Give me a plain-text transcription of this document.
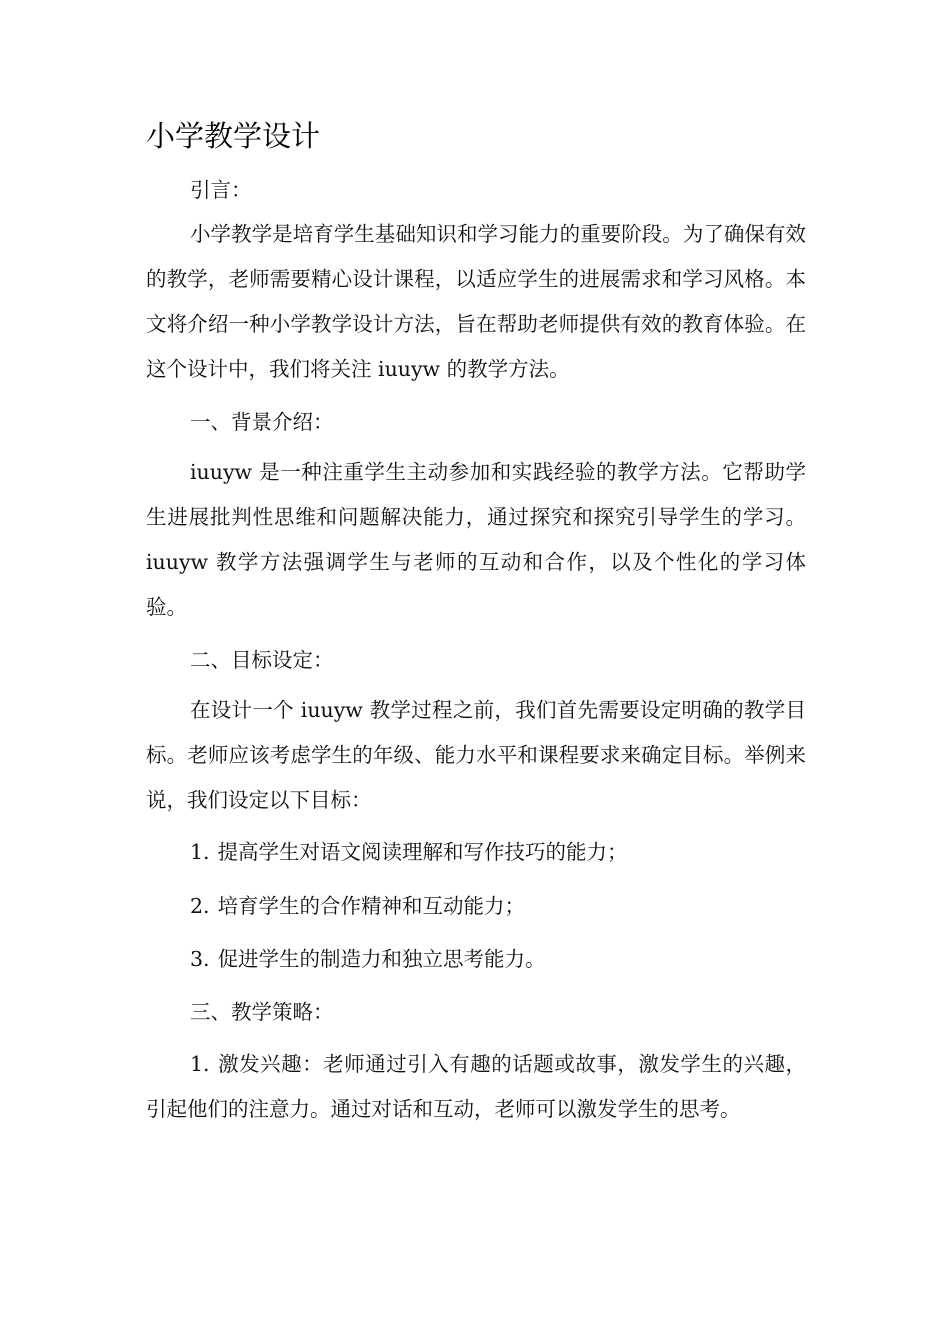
小学教学设计

引言：

小学教学是培育学生基础知识和学习能力的重要阶段。为了确保有效的教学，老师需要精心设计课程，以适应学生的进展需求和学习风格。本文将介绍一种小学教学设计方法，旨在帮助老师提供有效的教育体验。在这个设计中，我们将关注 iuuyw 的教学方法。

一、背景介绍：

iuuyw 是一种注重学生主动参加和实践经验的教学方法。它帮助学生进展批判性思维和问题解决能力，通过探究和探究引导学生的学习。iuuyw 教学方法强调学生与老师的互动和合作，以及个性化的学习体验。

二、目标设定：

在设计一个 iuuyw 教学过程之前，我们首先需要设定明确的教学目标。老师应该考虑学生的年级、能力水平和课程要求来确定目标。举例来说，我们设定以下目标：

1. 提高学生对语文阅读理解和写作技巧的能力；

2. 培育学生的合作精神和互动能力；

3. 促进学生的制造力和独立思考能力。

三、教学策略：

1. 激发兴趣：老师通过引入有趣的话题或故事，激发学生的兴趣，引起他们的注意力。通过对话和互动，老师可以激发学生的思考。
